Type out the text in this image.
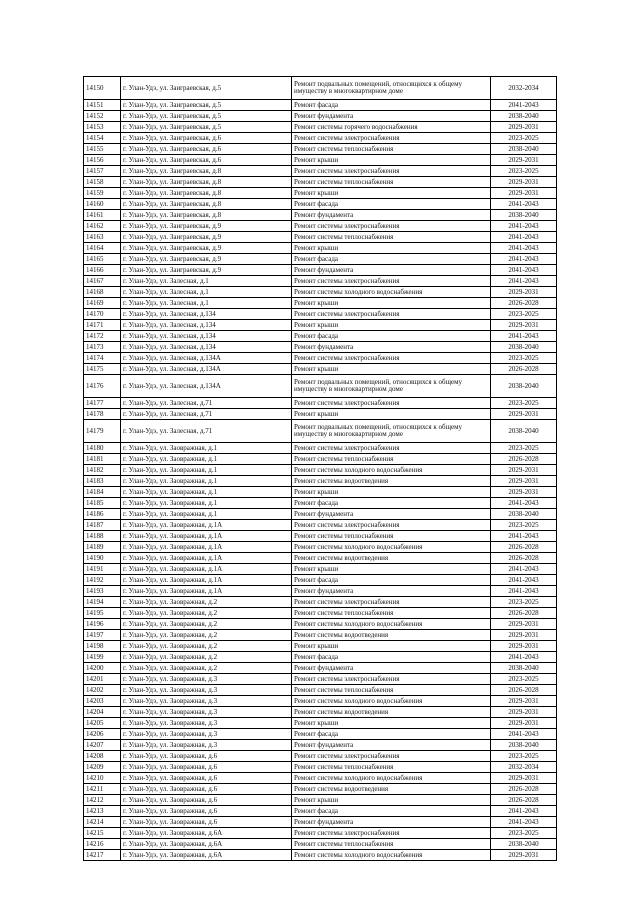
14150	г. Улан-Удэ, ул. Заиграевская, д.5	Ремонт подвальных помещений, относящихся к общему имуществу в многоквартирном доме	2032-2034
14151	г. Улан-Удэ, ул. Заиграевская, д.5	Ремонт фасада	2041-2043
14152	г. Улан-Удэ, ул. Заиграевская, д.5	Ремонт фундамента	2038-2040
14153	г. Улан-Удэ, ул. Заиграевская, д.5	Ремонт системы горячего водоснабжения	2029-2031
14154	г. Улан-Удэ, ул. Заиграевская, д.6	Ремонт системы электроснабжения	2023-2025
14155	г. Улан-Удэ, ул. Заиграевская, д.6	Ремонт системы теплоснабжения	2038-2040
14156	г. Улан-Удэ, ул. Заиграевская, д.6	Ремонт крыши	2029-2031
14157	г. Улан-Удэ, ул. Заиграевская, д.8	Ремонт системы электроснабжения	2023-2025
14158	г. Улан-Удэ, ул. Заиграевская, д.8	Ремонт системы теплоснабжения	2029-2031
14159	г. Улан-Удэ, ул. Заиграевская, д.8	Ремонт крыши	2029-2031
14160	г. Улан-Удэ, ул. Заиграевская, д.8	Ремонт фасада	2041-2043
14161	г. Улан-Удэ, ул. Заиграевская, д.8	Ремонт фундамента	2038-2040
14162	г. Улан-Удэ, ул. Заиграевская, д.9	Ремонт системы электроснабжения	2041-2043
14163	г. Улан-Удэ, ул. Заиграевская, д.9	Ремонт системы теплоснабжения	2041-2043
14164	г. Улан-Удэ, ул. Заиграевская, д.9	Ремонт крыши	2041-2043
14165	г. Улан-Удэ, ул. Заиграевская, д.9	Ремонт фасада	2041-2043
14166	г. Улан-Удэ, ул. Заиграевская, д.9	Ремонт фундамента	2041-2043
14167	г. Улан-Удэ, ул. Залесная, д.1	Ремонт системы электроснабжения	2041-2043
14168	г. Улан-Удэ, ул. Залесная, д.1	Ремонт системы холодного водоснабжения	2029-2031
14169	г. Улан-Удэ, ул. Залесная, д.1	Ремонт крыши	2026-2028
14170	г. Улан-Удэ, ул. Залесная, д.134	Ремонт системы электроснабжения	2023-2025
14171	г. Улан-Удэ, ул. Залесная, д.134	Ремонт крыши	2029-2031
14172	г. Улан-Удэ, ул. Залесная, д.134	Ремонт фасада	2041-2043
14173	г. Улан-Удэ, ул. Залесная, д.134	Ремонт фундамента	2038-2040
14174	г. Улан-Удэ, ул. Залесная, д.134А	Ремонт системы электроснабжения	2023-2025
14175	г. Улан-Удэ, ул. Залесная, д.134А	Ремонт крыши	2026-2028
14176	г. Улан-Удэ, ул. Залесная, д.134А	Ремонт подвальных помещений, относящихся к общему имуществу в многоквартирном доме	2038-2040
14177	г. Улан-Удэ, ул. Залесная, д.71	Ремонт системы электроснабжения	2023-2025
14178	г. Улан-Удэ, ул. Залесная, д.71	Ремонт крыши	2029-2031
14179	г. Улан-Удэ, ул. Залесная, д.71	Ремонт подвальных помещений, относящихся к общему имуществу в многоквартирном доме	2038-2040
14180	г. Улан-Удэ, ул. Заовражная, д.1	Ремонт системы электроснабжения	2023-2025
14181	г. Улан-Удэ, ул. Заовражная, д.1	Ремонт системы теплоснабжения	2026-2028
14182	г. Улан-Удэ, ул. Заовражная, д.1	Ремонт системы холодного водоснабжения	2029-2031
14183	г. Улан-Удэ, ул. Заовражная, д.1	Ремонт системы водоотведения	2029-2031
14184	г. Улан-Удэ, ул. Заовражная, д.1	Ремонт крыши	2029-2031
14185	г. Улан-Удэ, ул. Заовражная, д.1	Ремонт фасада	2041-2043
14186	г. Улан-Удэ, ул. Заовражная, д.1	Ремонт фундамента	2038-2040
14187	г. Улан-Удэ, ул. Заовражная, д.1А	Ремонт системы электроснабжения	2023-2025
14188	г. Улан-Удэ, ул. Заовражная, д.1А	Ремонт системы теплоснабжения	2041-2043
14189	г. Улан-Удэ, ул. Заовражная, д.1А	Ремонт системы холодного водоснабжения	2026-2028
14190	г. Улан-Удэ, ул. Заовражная, д.1А	Ремонт системы водоотведения	2026-2028
14191	г. Улан-Удэ, ул. Заовражная, д.1А	Ремонт крыши	2041-2043
14192	г. Улан-Удэ, ул. Заовражная, д.1А	Ремонт фасада	2041-2043
14193	г. Улан-Удэ, ул. Заовражная, д.1А	Ремонт фундамента	2041-2043
14194	г. Улан-Удэ, ул. Заовражная, д.2	Ремонт системы электроснабжения	2023-2025
14195	г. Улан-Удэ, ул. Заовражная, д.2	Ремонт системы теплоснабжения	2026-2028
14196	г. Улан-Удэ, ул. Заовражная, д.2	Ремонт системы холодного водоснабжения	2029-2031
14197	г. Улан-Удэ, ул. Заовражная, д.2	Ремонт системы водоотведения	2029-2031
14198	г. Улан-Удэ, ул. Заовражная, д.2	Ремонт крыши	2029-2031
14199	г. Улан-Удэ, ул. Заовражная, д.2	Ремонт фасада	2041-2043
14200	г. Улан-Удэ, ул. Заовражная, д.2	Ремонт фундамента	2038-2040
14201	г. Улан-Удэ, ул. Заовражная, д.3	Ремонт системы электроснабжения	2023-2025
14202	г. Улан-Удэ, ул. Заовражная, д.3	Ремонт системы теплоснабжения	2026-2028
14203	г. Улан-Удэ, ул. Заовражная, д.3	Ремонт системы холодного водоснабжения	2029-2031
14204	г. Улан-Удэ, ул. Заовражная, д.3	Ремонт системы водоотведения	2029-2031
14205	г. Улан-Удэ, ул. Заовражная, д.3	Ремонт крыши	2029-2031
14206	г. Улан-Удэ, ул. Заовражная, д.3	Ремонт фасада	2041-2043
14207	г. Улан-Удэ, ул. Заовражная, д.3	Ремонт фундамента	2038-2040
14208	г. Улан-Удэ, ул. Заовражная, д.6	Ремонт системы электроснабжения	2023-2025
14209	г. Улан-Удэ, ул. Заовражная, д.6	Ремонт системы теплоснабжения	2032-2034
14210	г. Улан-Удэ, ул. Заовражная, д.6	Ремонт системы холодного водоснабжения	2029-2031
14211	г. Улан-Удэ, ул. Заовражная, д.6	Ремонт системы водоотведения	2026-2028
14212	г. Улан-Удэ, ул. Заовражная, д.6	Ремонт крыши	2026-2028
14213	г. Улан-Удэ, ул. Заовражная, д.6	Ремонт фасада	2041-2043
14214	г. Улан-Удэ, ул. Заовражная, д.6	Ремонт фундамента	2041-2043
14215	г. Улан-Удэ, ул. Заовражная, д.6А	Ремонт системы электроснабжения	2023-2025
14216	г. Улан-Удэ, ул. Заовражная, д.6А	Ремонт системы теплоснабжения	2038-2040
14217	г. Улан-Удэ, ул. Заовражная, д.6А	Ремонт системы холодного водоснабжения	2029-2031
